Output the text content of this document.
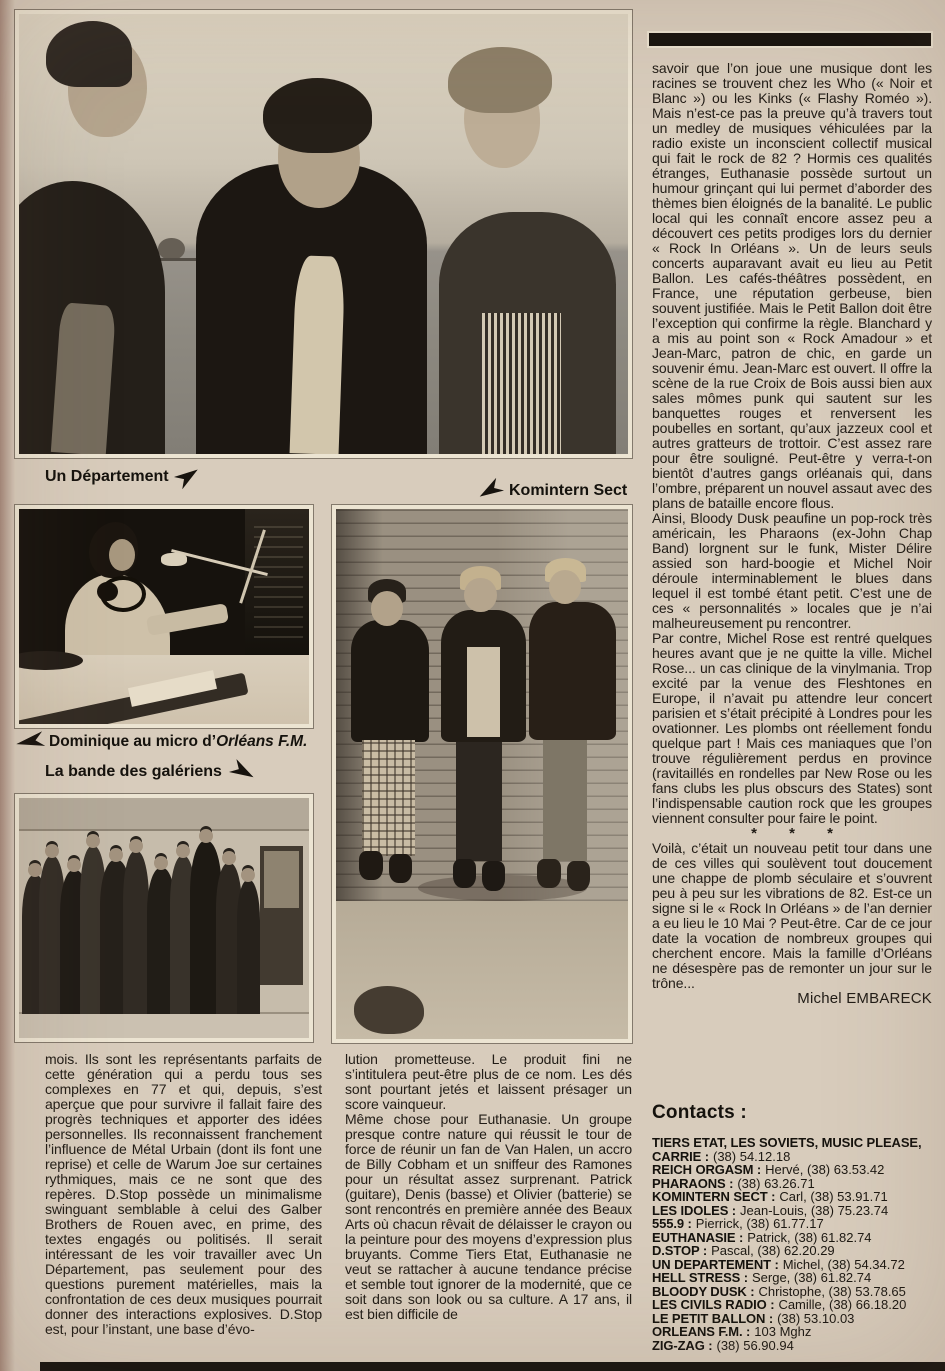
Un Département
Komintern Sect
Dominique au micro d’Orléans F.M.
La bande des galériens

savoir que l’on joue une musique dont les racines se trouvent chez les Who (« Noir et Blanc ») ou les Kinks (« Flashy Roméo »). Mais n’est-ce pas la preuve qu’à travers tout un medley de musiques véhiculées par la radio existe un inconscient collectif musical qui fait le rock de 82 ? Hormis ces qualités étranges, Euthanasie possède surtout un humour grinçant qui lui permet d’aborder des thèmes bien éloignés de la banalité. Le public local qui les connaît encore assez peu a découvert ces petits prodiges lors du dernier « Rock In Orléans ». Un de leurs seuls concerts auparavant avait eu lieu au Petit Ballon. Les cafés-théâtres possèdent, en France, une réputation gerbeuse, bien souvent justifiée. Mais le Petit Ballon doit être l’exception qui confirme la règle. Blanchard y a mis au point son « Rock Amadour » et Jean-Marc, patron de chic, en garde un souvenir ému. Jean-Marc est ouvert. Il offre la scène de la rue Croix de Bois aussi bien aux sales mômes punk qui sautent sur les banquettes rouges et renversent les poubelles en sortant, qu’aux jazzeux cool et autres gratteurs de trottoir. C’est assez rare pour être souligné. Peut-être y verra-t-on bientôt d’autres gangs orléanais qui, dans l’ombre, préparent un nouvel assaut avec des plans de bataille encore flous.

Ainsi, Bloody Dusk peaufine un pop-rock très américain, les Pharaons (ex-John Chap Band) lorgnent sur le funk, Mister Délire assied son hard-boogie et Michel Noir déroule interminablement le blues dans lequel il est tombé étant petit. C’est une de ces « personnalités » locales que je n’ai malheureusement pu rencontrer.

Par contre, Michel Rose est rentré quelques heures avant que je ne quitte la ville. Michel Rose... un cas clinique de la vinylmania. Trop excité par la venue des Fleshtones en Europe, il n’avait pu attendre leur concert parisien et s’était précipité à Londres pour les ovationner. Les plombs ont réellement fondu quelque part ! Mais ces maniaques que l’on trouve régulièrement perdus en province (ravitaillés en rondelles par New Rose ou les fans clubs les plus obscurs des States) sont l’indispensable caution rock que les groupes viennent consulter pour faire le point.

* * *

Voilà, c’était un nouveau petit tour dans une de ces villes qui soulèvent tout doucement une chappe de plomb séculaire et s’ouvrent peu à peu sur les vibrations de 82. Est-ce un signe si le « Rock In Orléans » de l’an dernier a eu lieu le 10 Mai ? Peut-être. Car de ce jour date la vocation de nombreux groupes qui cherchent encore. Mais la famille d’Orléans ne désespère pas de remonter un jour sur le trône...

Michel EMBARECK

Contacts :
TIERS ETAT, LES SOVIETS, MUSIC PLEASE, CARRIE : (38) 54.12.18
REICH ORGASM : Hervé, (38) 63.53.42
PHARAONS : (38) 63.26.71
KOMINTERN SECT : Carl, (38) 53.91.71
LES IDOLES : Jean-Louis, (38) 75.23.74
555.9 : Pierrick, (38) 61.77.17
EUTHANASIE : Patrick, (38) 61.82.74
D.STOP : Pascal, (38) 62.20.29
UN DEPARTEMENT : Michel, (38) 54.34.72
HELL STRESS : Serge, (38) 61.82.74
BLOODY DUSK : Christophe, (38) 53.78.65
LES CIVILS RADIO : Camille, (38) 66.18.20
LE PETIT BALLON : (38) 53.10.03
ORLEANS F.M. : 103 Mghz
ZIG-ZAG : (38) 56.90.94

mois. Ils sont les représentants parfaits de cette génération qui a perdu tous ses complexes en 77 et qui, depuis, s’est aperçue que pour survivre il fallait faire des progrès techniques et apporter des idées personnelles. Ils reconnaissent franchement l’influence de Métal Urbain (dont ils font une reprise) et celle de Warum Joe sur certaines rythmiques, mais ce ne sont que des repères. D.Stop possède un minimalisme swinguant semblable à celui des Galber Brothers de Rouen avec, en prime, des textes engagés ou politisés. Il serait intéressant de les voir travailler avec Un Département, pas seulement pour des questions purement matérielles, mais la confrontation de ces deux musiques pourrait donner des interactions explosives. D.Stop est, pour l’instant, une base d’évo-

lution prometteuse. Le produit fini ne s’intitulera peut-être plus de ce nom. Les dés sont pourtant jetés et laissent présager un score vainqueur.

Même chose pour Euthanasie. Un groupe presque contre nature qui réussit le tour de force de réunir un fan de Van Halen, un accro de Billy Cobham et un sniffeur des Ramones pour un résultat assez surprenant. Patrick (guitare), Denis (basse) et Olivier (batterie) se sont rencontrés en première année des Beaux Arts où chacun rêvait de délaisser le crayon ou la peinture pour des moyens d’expression plus bruyants. Comme Tiers Etat, Euthanasie ne veut se rattacher à aucune tendance précise et semble tout ignorer de la modernité, que ce soit dans son look ou sa culture. A 17 ans, il est bien difficile de
